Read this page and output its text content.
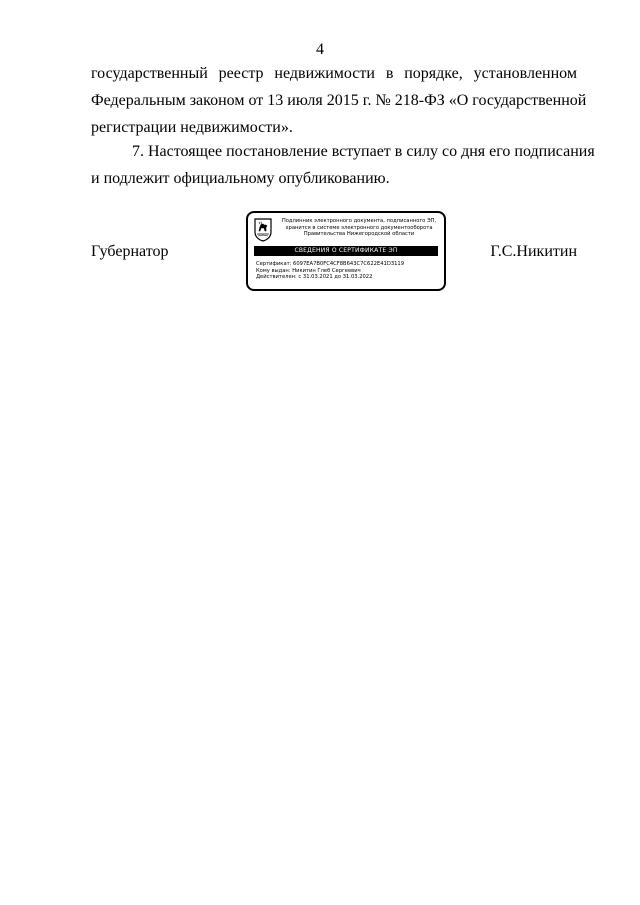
4
государственный реестр недвижимости в порядке, установленном
Федеральным законом от 13 июля 2015 г. № 218-ФЗ «О государственной
регистрации недвижимости».
7. Настоящее постановление вступает в силу со дня его подписания
и подлежит официальному опубликованию.
Губернатор
Подлинник электронного документа, подписанного ЭП,
хранится в системе электронного документооборота
Правительства Нижегородской области
СВЕДЕНИЯ О СЕРТИФИКАТЕ ЭП
Сертификат: 6097EA7B0FC4CF8B643C7C622E41D3119
Кому выдан: Никитин Глеб Сергеевич
Действителен: с 31.03.2021 до 31.03.2022
Г.С.Никитин
